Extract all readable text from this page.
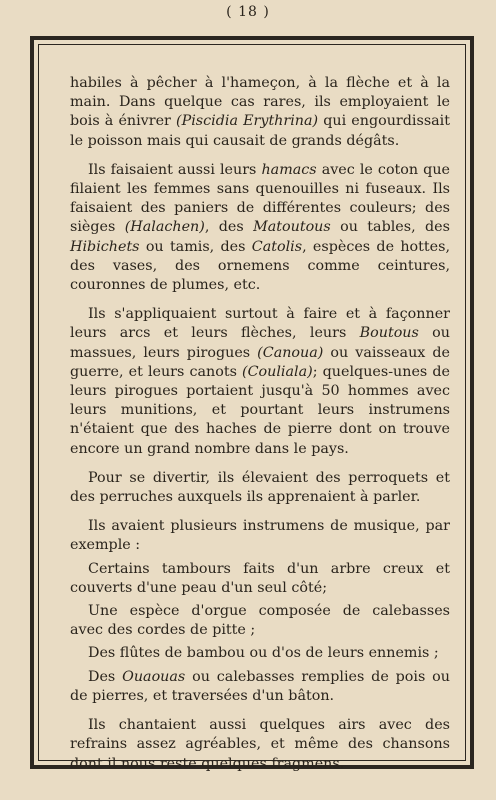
( 18 )

habiles à pêcher à l'hameçon, à la flèche et à la main. Dans quelque cas rares, ils employaient le bois à énivrer (Piscidia Erythrina) qui engourdissait le poisson mais qui causait de grands dégâts.

Ils faisaient aussi leurs hamacs avec le coton que filaient les femmes sans quenouilles ni fuseaux. Ils faisaient des paniers de différentes couleurs; des sièges (Halachen), des Matoutous ou tables, des Hibichets ou tamis, des Catolis, espèces de hottes, des vases, des ornemens comme ceintures, couronnes de plumes, etc.

Ils s'appliquaient surtout à faire et à façonner leurs arcs et leurs flèches, leurs Boutous ou massues, leurs pirogues (Canoua) ou vaisseaux de guerre, et leurs canots (Couliala); quelques-unes de leurs pirogues portaient jusqu'à 50 hommes avec leurs munitions, et pourtant leurs instrumens n'étaient que des haches de pierre dont on trouve encore un grand nombre dans le pays.

Pour se divertir, ils élevaient des perroquets et des perruches auxquels ils apprenaient à parler.

Ils avaient plusieurs instrumens de musique, par exemple :

Certains tambours faits d'un arbre creux et couverts d'une peau d'un seul côté;

Une espèce d'orgue composée de calebasses avec des cordes de pitte ;

Des flûtes de bambou ou d'os de leurs ennemis ;

Des Ouaouas ou calebasses remplies de pois ou de pierres, et traversées d'un bâton.

Ils chantaient aussi quelques airs avec des refrains assez agréables, et même des chansons dont il nous reste quelques fragmens.
